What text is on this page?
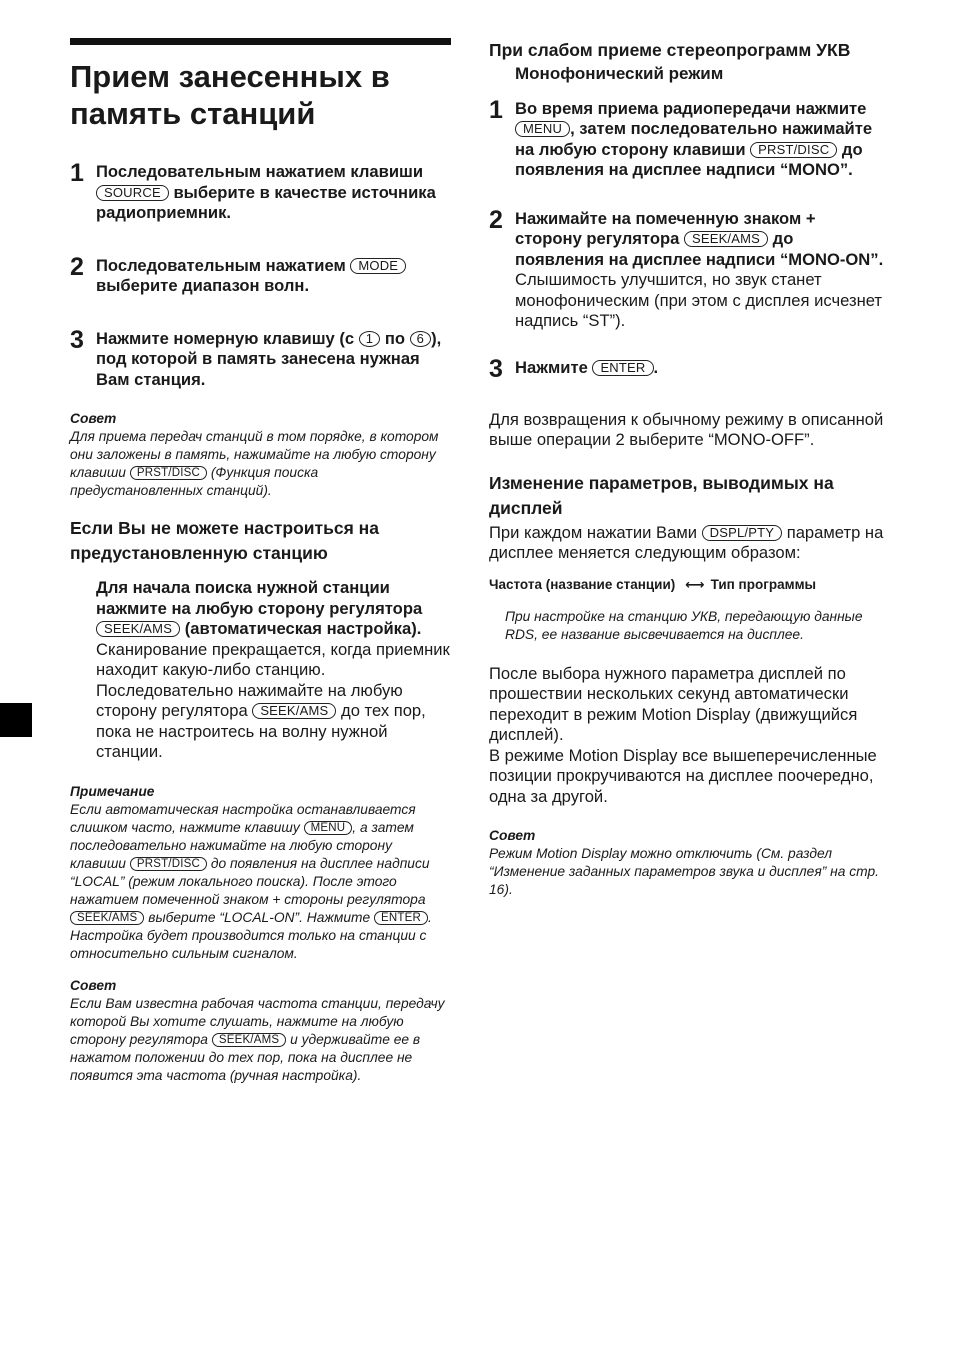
Прием занесенных в память станций
1 Последовательным нажатием клавиши SOURCE выберите в качестве источника радиоприемник.
2 Последовательным нажатием MODE выберите диапазон волн.
3 Нажмите номерную клавишу (с 1 по 6 ), под которой в память занесена нужная Вам станция.
Совет
Для приема передач станций в том порядке, в котором они заложены в память, нажимайте на любую сторону клавиши PRST/DISC (Функция поиска предустановленных станций).
Если Вы не можете настроиться на предустановленную станцию
Для начала поиска нужной станции нажмите на любую сторону регулятора SEEK/AMS (автоматическая настройка).
Сканирование прекращается, когда приемник находит какую-либо станцию. Последовательно нажимайте на любую сторону регулятора SEEK/AMS до тех пор, пока не настроитесь на волну нужной станции.
Примечание
Если автоматическая настройка останавливается слишком часто, нажмите клавишу MENU , а затем последовательно нажимайте на любую сторону клавиши PRST/DISC до появления на дисплее надписи “LOCAL” (режим локального поиска). После этого нажатием помеченной знаком + стороны регулятора SEEK/AMS выберите “LOCAL-ON”. Нажмите ENTER .
Настройка будет производится только на станции с относительно сильным сигналом.
Совет
Если Вам известна рабочая частота станции, передачу которой Вы хотите слушать, нажмите на любую сторону регулятора SEEK/AMS и удерживайте ее в нажатом положении до тех пор, пока на дисплее не появится эта частота (ручная настройка).
При слабом приеме стереопрограмм УКВ
Монофонический режим
1 Во время приема радиопередачи нажмите MENU , затем последовательно нажимайте на любую сторону клавиши PRST/DISC до появления на дисплее надписи “MONO”.
2 Нажимайте на помеченную знаком + сторону регулятора SEEK/AMS до появления на дисплее надписи “MONO-ON”.
Слышимость улучшится, но звук станет монофоническим (при этом с дисплея исчезнет надпись “ST”).
3 Нажмите ENTER .
Для возвращения к обычному режиму в описанной выше операции 2 выберите “MONO-OFF”.
Изменение параметров, выводимых на дисплей
При каждом нажатии Вами DSPL/PTY параметр на дисплее меняется следующим образом:
Частота (название станции) ⟷ Тип программы
При настройке на станцию УКВ, передающую данные RDS, ее название высвечивается на дисплее.
После выбора нужного параметра дисплей по прошествии нескольких секунд автоматически переходит в режим Motion Display (движущийся дисплей).
В режиме Motion Display все вышеперечисленные позиции прокручиваются на дисплее поочередно, одна за другой.
Совет
Режим Motion Display можно отключить (См. раздел “Изменение заданных параметров звука и дисплея” на стр. 16).
